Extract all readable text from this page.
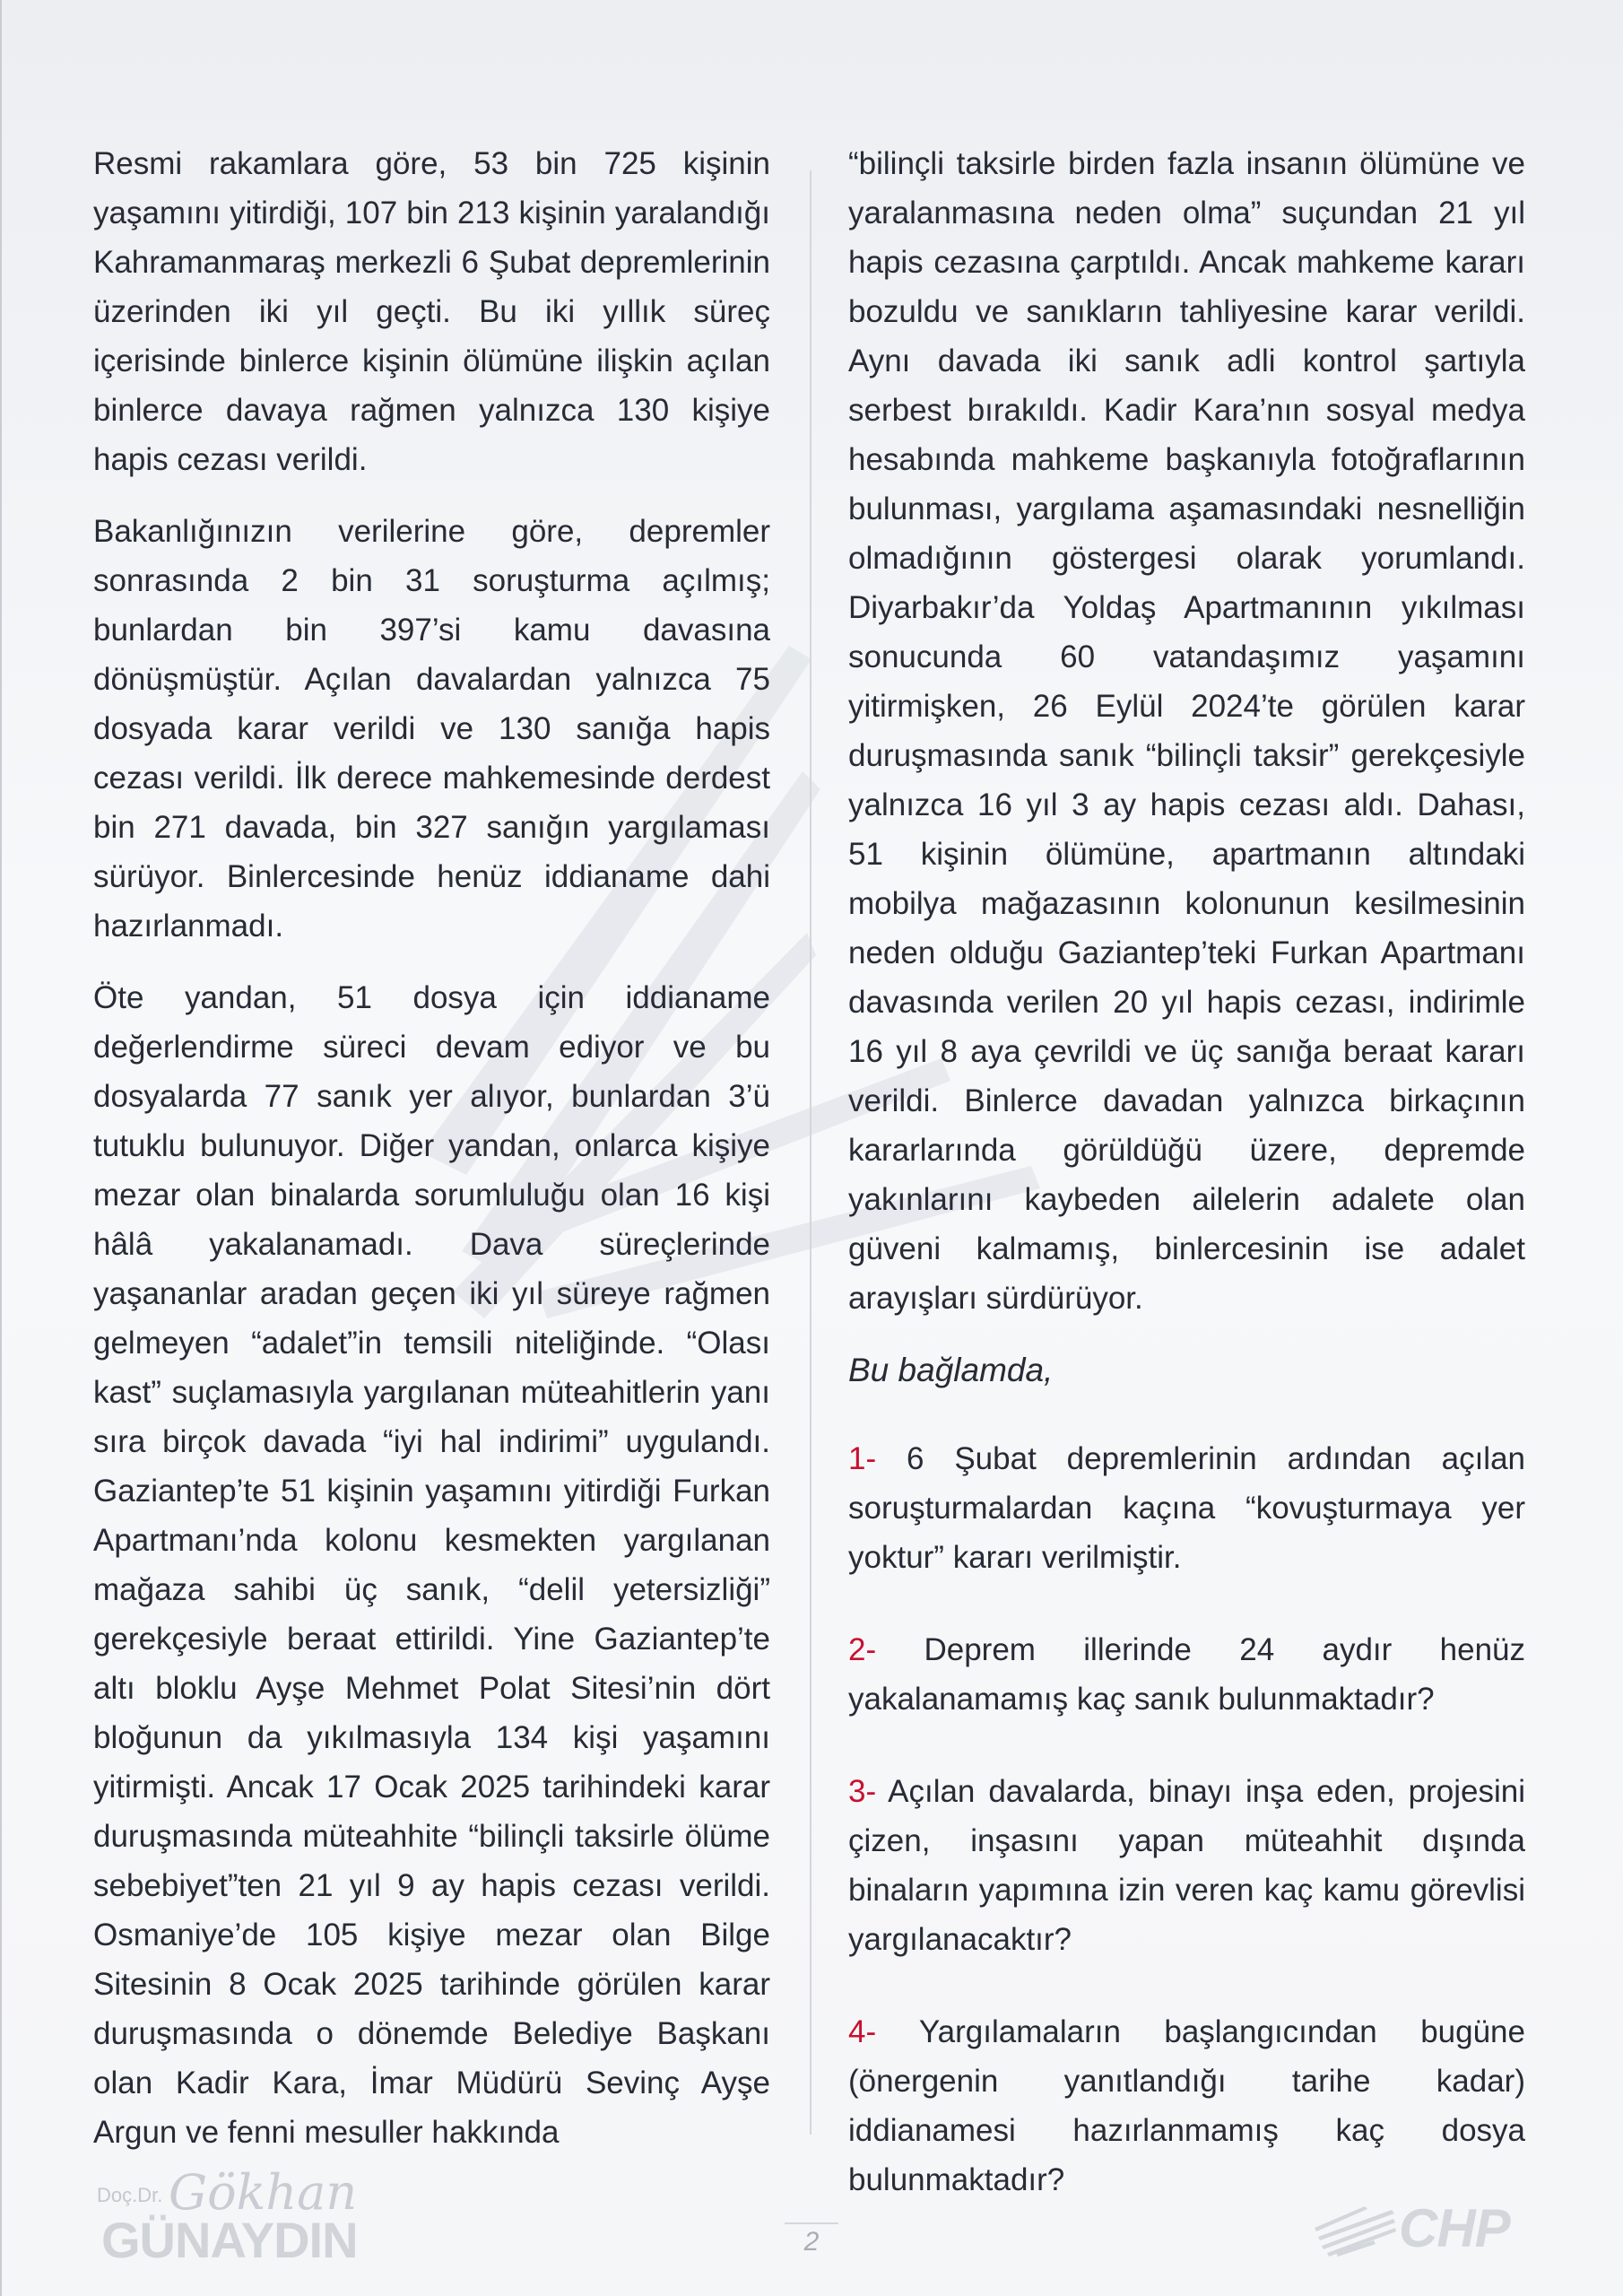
Resmi rakamlara göre, 53 bin 725 kişinin yaşamını yitirdiği, 107 bin 213 kişinin yaralandığı Kahramanmaraş merkezli 6 Şubat depremlerinin üzerinden iki yıl geçti. Bu iki yıllık süreç içerisinde binlerce kişinin ölümüne ilişkin açılan binlerce davaya rağmen yalnızca 130 kişiye hapis cezası verildi.

Bakanlığınızın verilerine göre, depremler sonrasında 2 bin 31 soruşturma açılmış; bunlardan bin 397’si kamu davasına dönüşmüştür. Açılan davalardan yalnızca 75 dosyada karar verildi ve 130 sanığa hapis cezası verildi. İlk derece mahkemesinde derdest bin 271 davada, bin 327 sanığın yargılaması sürüyor. Binlercesinde henüz iddianame dahi hazırlanmadı.

Öte yandan, 51 dosya için iddianame değerlendirme süreci devam ediyor ve bu dosyalarda 77 sanık yer alıyor, bunlardan 3’ü tutuklu bulunuyor. Diğer yandan, onlarca kişiye mezar olan binalarda sorumluluğu olan 16 kişi hâlâ yakalanamadı. Dava süreçlerinde yaşananlar aradan geçen iki yıl süreye rağmen gelmeyen “adalet”in temsili niteliğinde. “Olası kast” suçlamasıyla yargılanan müteahitlerin yanı sıra birçok davada “iyi hal indirimi” uygulandı. Gaziantep’te 51 kişinin yaşamını yitirdiği Furkan Apartmanı’nda kolonu kesmekten yargılanan mağaza sahibi üç sanık, “delil yetersizliği” gerekçesiyle beraat ettirildi. Yine Gaziantep’te altı bloklu Ayşe Mehmet Polat Sitesi’nin dört bloğunun da yıkılmasıyla 134 kişi yaşamını yitirmişti. Ancak 17 Ocak 2025 tarihindeki karar duruşmasında müteahhite “bilinçli taksirle ölüme sebebiyet”ten 21 yıl 9 ay hapis cezası verildi. Osmaniye’de 105 kişiye mezar olan Bilge Sitesinin 8 Ocak 2025 tarihinde görülen karar duruşmasında o dönemde Belediye Başkanı olan Kadir Kara, İmar Müdürü Sevinç Ayşe Argun ve fenni mesuller hakkında

“bilinçli taksirle birden fazla insanın ölümüne ve yaralanmasına neden olma” suçundan 21 yıl hapis cezasına çarptıldı. Ancak mahkeme kararı bozuldu ve sanıkların tahliyesine karar verildi. Aynı davada iki sanık adli kontrol şartıyla serbest bırakıldı. Kadir Kara’nın sosyal medya hesabında mahkeme başkanıyla fotoğraflarının bulunması, yargılama aşamasındaki nesnelliğin olmadığının göstergesi olarak yorumlandı. Diyarbakır’da Yoldaş Apartmanının yıkılması sonucunda 60 vatandaşımız yaşamını yitirmişken, 26 Eylül 2024’te görülen karar duruşmasında sanık “bilinçli taksir” gerekçesiyle yalnızca 16 yıl 3 ay hapis cezası aldı. Dahası, 51 kişinin ölümüne, apartmanın altındaki mobilya mağazasının kolonunun kesilmesinin neden olduğu Gaziantep’teki Furkan Apartmanı davasında verilen 20 yıl hapis cezası, indirimle 16 yıl 8 aya çevrildi ve üç sanığa beraat kararı verildi. Binlerce davadan yalnızca birkaçının kararlarında görüldüğü üzere, depremde yakınlarını kaybeden ailelerin adalete olan güveni kalmamış, binlercesinin ise adalet arayışları sürdürüyor.

Bu bağlamda,

1- 6 Şubat depremlerinin ardından açılan soruşturmalardan kaçına “kovuşturmaya yer yoktur” kararı verilmiştir.

2- Deprem illerinde 24 aydır henüz yakalanamamış kaç sanık bulunmaktadır?

3- Açılan davalarda, binayı inşa eden, projesini çizen, inşasını yapan müteahhit dışında binaların yapımına izin veren kaç kamu görevlisi yargılanacaktır?

4- Yargılamaların başlangıcından bugüne (önergenin yanıtlandığı tarihe kadar) iddianamesi hazırlanmamış kaç dosya bulunmaktadır?

Doç.Dr. Gökhan
GÜNAYDIN	2	CHP
